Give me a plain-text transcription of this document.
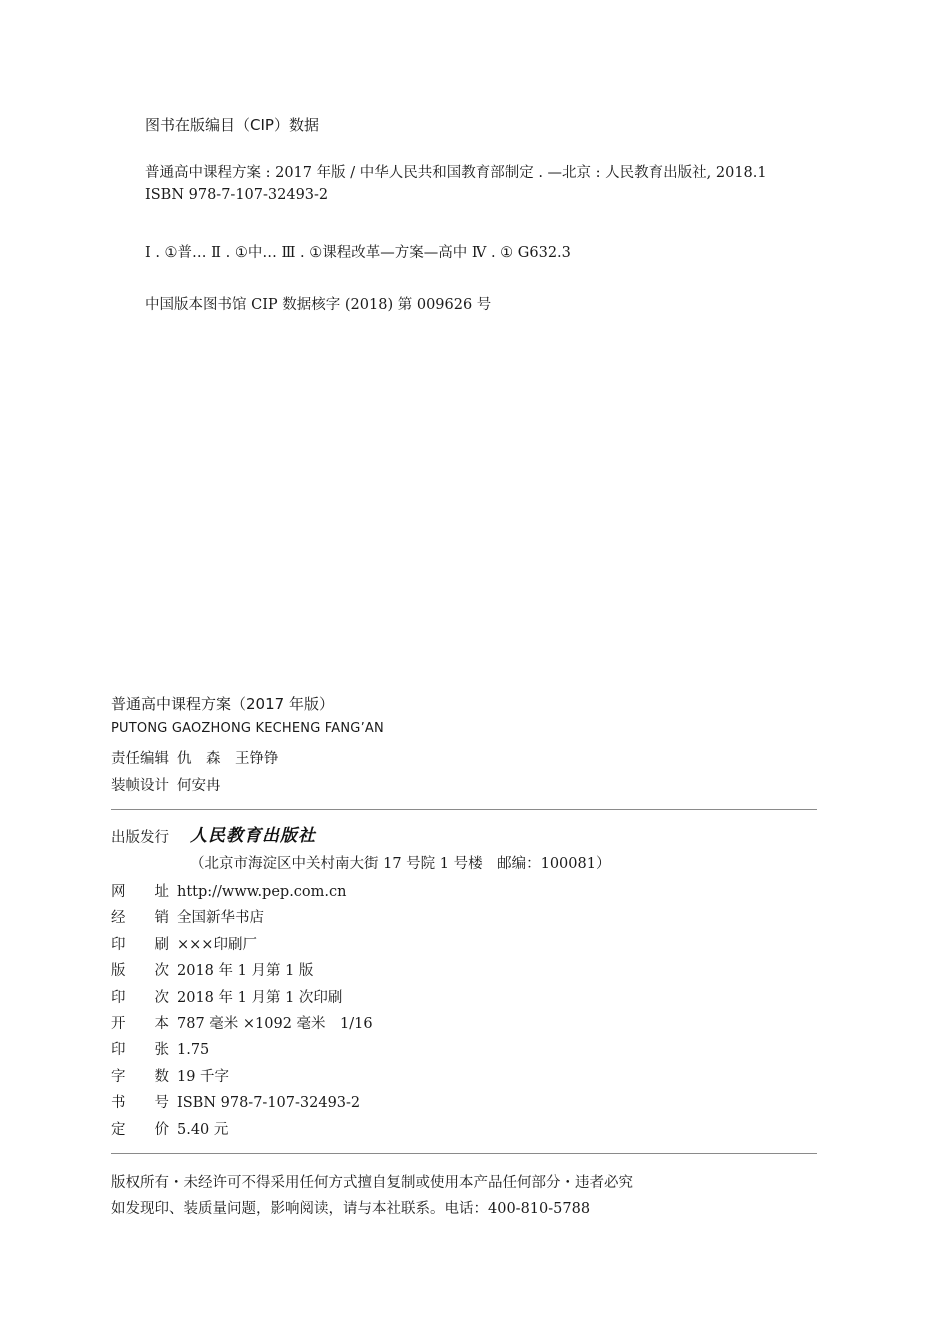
图书在版编目（CIP）数据
普通高中课程方案 : 2017 年版 / 中华人民共和国教育部制定 . —北京 : 人民教育出版社, 2018.1
ISBN 978-7-107-32493-2
Ⅰ . ①普… Ⅱ . ①中… Ⅲ . ①课程改革—方案—高中 Ⅳ . ① G632.3
中国版本图书馆 CIP 数据核字 (2018) 第 009626 号
普通高中课程方案（2017 年版）
PUTONG GAOZHONG KECHENG FANG’AN
责任编辑 仇　森　王铮铮
装帧设计 何安冉
出版发行	人民教育出版社
（北京市海淀区中关村南大街 17 号院 1 号楼　邮编：100081）
网　　址 http://www.pep.com.cn
经　　销 全国新华书店
印　　刷 ×××印刷厂
版　　次 2018 年 1 月第 1 版
印　　次 2018 年 1 月第 1 次印刷
开　　本 787 毫米 ×1092 毫米　1/16
印　　张 1.75
字　　数 19 千字
书　　号 ISBN 978-7-107-32493-2
定　　价 5.40 元
版权所有・未经许可不得采用任何方式擅自复制或使用本产品任何部分・违者必究
如发现印、装质量问题，影响阅读，请与本社联系。电话：400-810-5788
